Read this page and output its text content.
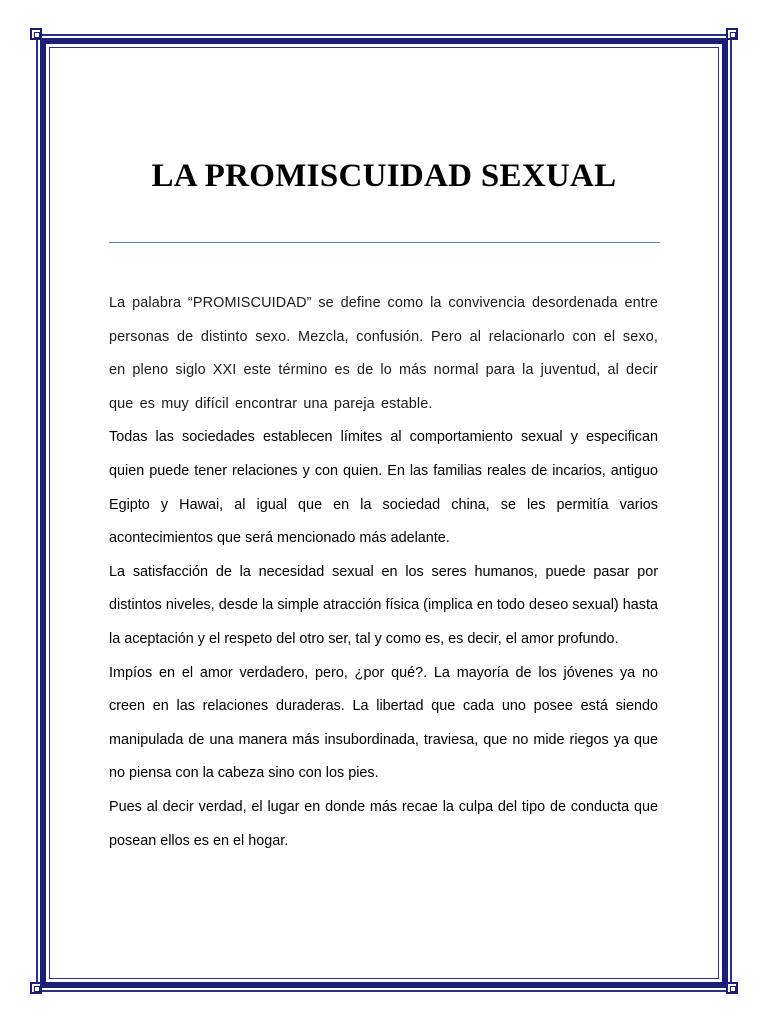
LA PROMISCUIDAD SEXUAL

La palabra “PROMISCUIDAD” se define como la convivencia desordenada entre personas de distinto sexo. Mezcla, confusión. Pero al relacionarlo con el sexo, en pleno siglo XXI este término es de lo más normal para la juventud, al decir que es muy difícil encontrar una pareja estable.

Todas las sociedades establecen límites al comportamiento sexual y especifican quien puede tener relaciones y con quien. En las familias reales de incarios, antiguo Egipto y Hawai, al igual que en la sociedad china, se les permitía varios acontecimientos que será mencionado más adelante.

La satisfacción de la necesidad sexual en los seres humanos, puede pasar por distintos niveles, desde la simple atracción física (implica en todo deseo sexual) hasta la aceptación y el respeto del otro ser, tal y como es, es decir, el amor profundo.

Impíos en el amor verdadero, pero, ¿por qué?. La mayoría de los jóvenes ya no creen en las relaciones duraderas. La libertad que cada uno posee está siendo manipulada de una manera más insubordinada, traviesa, que no mide riegos ya que no piensa con la cabeza sino con los pies.

Pues al decir verdad, el lugar en donde más recae la culpa del tipo de conducta que posean ellos es en el hogar.
